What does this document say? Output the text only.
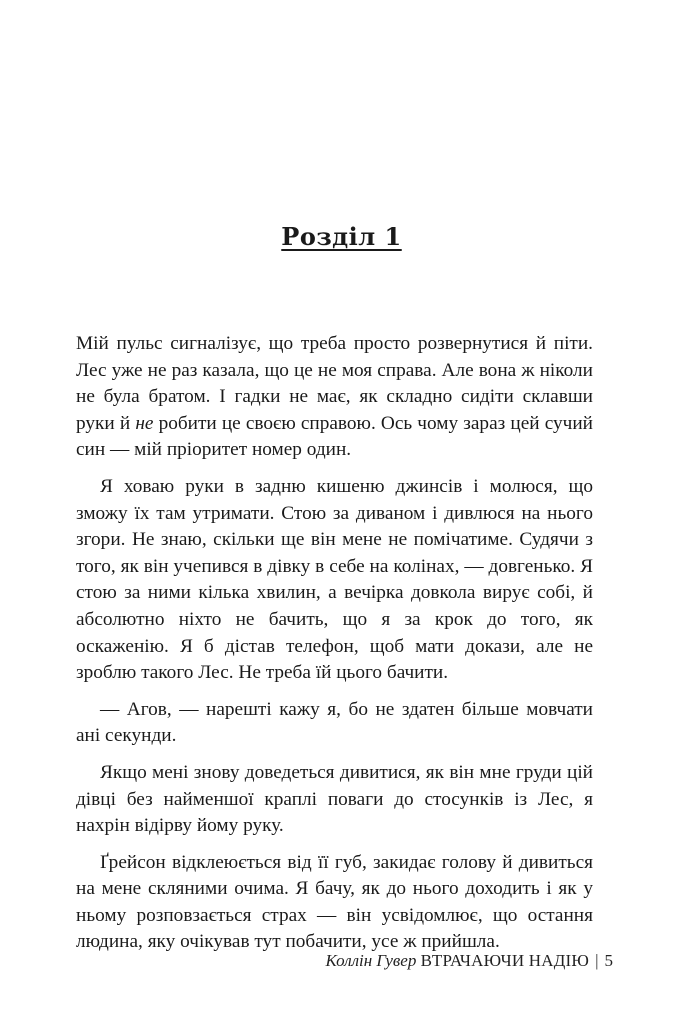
Розділ 1

Мій пульс сигналізує, що треба просто розвернутися й піти. Лес уже не раз казала, що це не моя справа. Але вона ж ніколи не була братом. І гадки не має, як складно сидіти склавши руки й не робити це своєю справою. Ось чому зараз цей сучий син — мій пріоритет номер один.

Я ховаю руки в задню кишеню джинсів і молюся, що зможу їх там утримати. Стою за диваном і дивлюся на нього згори. Не знаю, скільки ще він мене не помічатиме. Судячи з того, як він учепився в дівку в себе на колінах, — довгенько. Я стою за ними кілька хвилин, а вечірка довкола вирує собі, й абсолютно ніхто не бачить, що я за крок до того, як оскаженію. Я б дістав телефон, щоб мати докази, але не зроблю такого Лес. Не треба їй цього бачити.

— Агов, — нарешті кажу я, бо не здатен більше мовчати ані секунди.

Якщо мені знову доведеться дивитися, як він мне груди цій дівці без найменшої краплі поваги до стосунків із Лес, я нахрін відірву йому руку.

Ґрейсон відклеюється від її губ, закидає голову й дивиться на мене скляними очима. Я бачу, як до нього доходить і як у ньому розповзається страх — він усвідомлює, що остання людина, яку очікував тут побачити, усе ж прийшла.

Коллін Гувер ВТРАЧАЮЧИ НАДІЮ | 5
